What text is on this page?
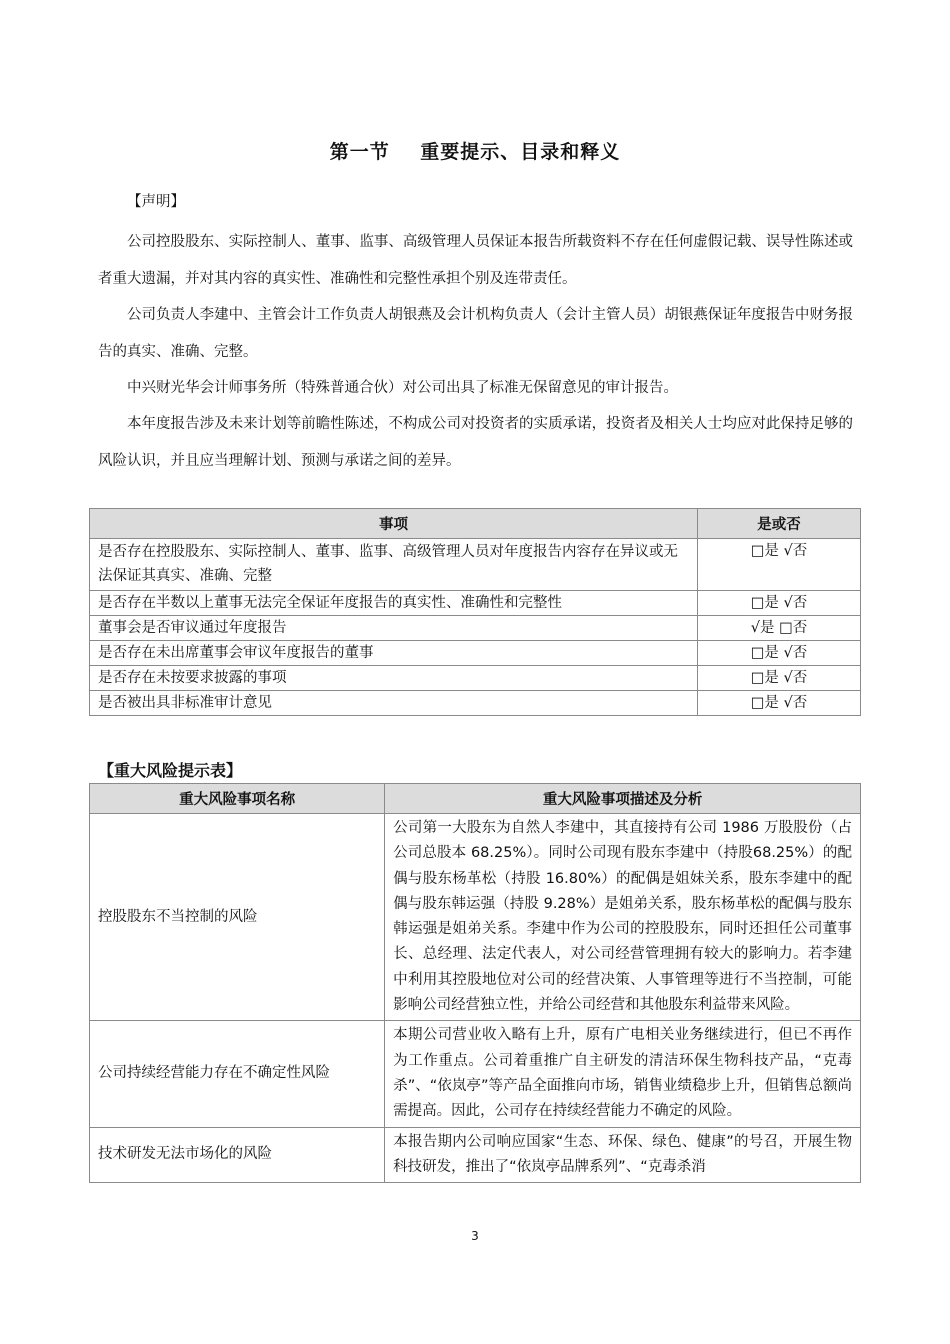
第一节    重要提示、目录和释义
【声明】
公司控股股东、实际控制人、董事、监事、高级管理人员保证本报告所载资料不存在任何虚假记载、误导性陈述或者重大遗漏，并对其内容的真实性、准确性和完整性承担个别及连带责任。
公司负责人李建中、主管会计工作负责人胡银燕及会计机构负责人（会计主管人员）胡银燕保证年度报告中财务报告的真实、准确、完整。
中兴财光华会计师事务所（特殊普通合伙）对公司出具了标准无保留意见的审计报告。
本年度报告涉及未来计划等前瞻性陈述，不构成公司对投资者的实质承诺，投资者及相关人士均应对此保持足够的风险认识，并且应当理解计划、预测与承诺之间的差异。
事项	是或否
是否存在控股股东、实际控制人、董事、监事、高级管理人员对年度报告内容存在异议或无法保证其真实、准确、完整	□是 √否
是否存在半数以上董事无法完全保证年度报告的真实性、准确性和完整性	□是 √否
董事会是否审议通过年度报告	√是 □否
是否存在未出席董事会审议年度报告的董事	□是 √否
是否存在未按要求披露的事项	□是 √否
是否被出具非标准审计意见	□是 √否
【重大风险提示表】
重大风险事项名称	重大风险事项描述及分析
控股股东不当控制的风险	公司第一大股东为自然人李建中，其直接持有公司 1986 万股股份（占公司总股本 68.25%）。同时公司现有股东李建中（持股68.25%）的配偶与股东杨革松（持股 16.80%）的配偶是姐妹关系，股东李建中的配偶与股东韩运强（持股 9.28%）是姐弟关系，股东杨革松的配偶与股东韩运强是姐弟关系。李建中作为公司的控股股东，同时还担任公司董事长、总经理、法定代表人，对公司经营管理拥有较大的影响力。若李建中利用其控股地位对公司的经营决策、人事管理等进行不当控制，可能影响公司经营独立性，并给公司经营和其他股东利益带来风险。
公司持续经营能力存在不确定性风险	本期公司营业收入略有上升，原有广电相关业务继续进行，但已不再作为工作重点。公司着重推广自主研发的清洁环保生物科技产品，“克毒杀”、“依岚亭”等产品全面推向市场，销售业绩稳步上升，但销售总额尚需提高。因此，公司存在持续经营能力不确定的风险。
技术研发无法市场化的风险	本报告期内公司响应国家“生态、环保、绿色、健康”的号召，开展生物科技研发，推出了“依岚亭品牌系列”、“克毒杀消
3
